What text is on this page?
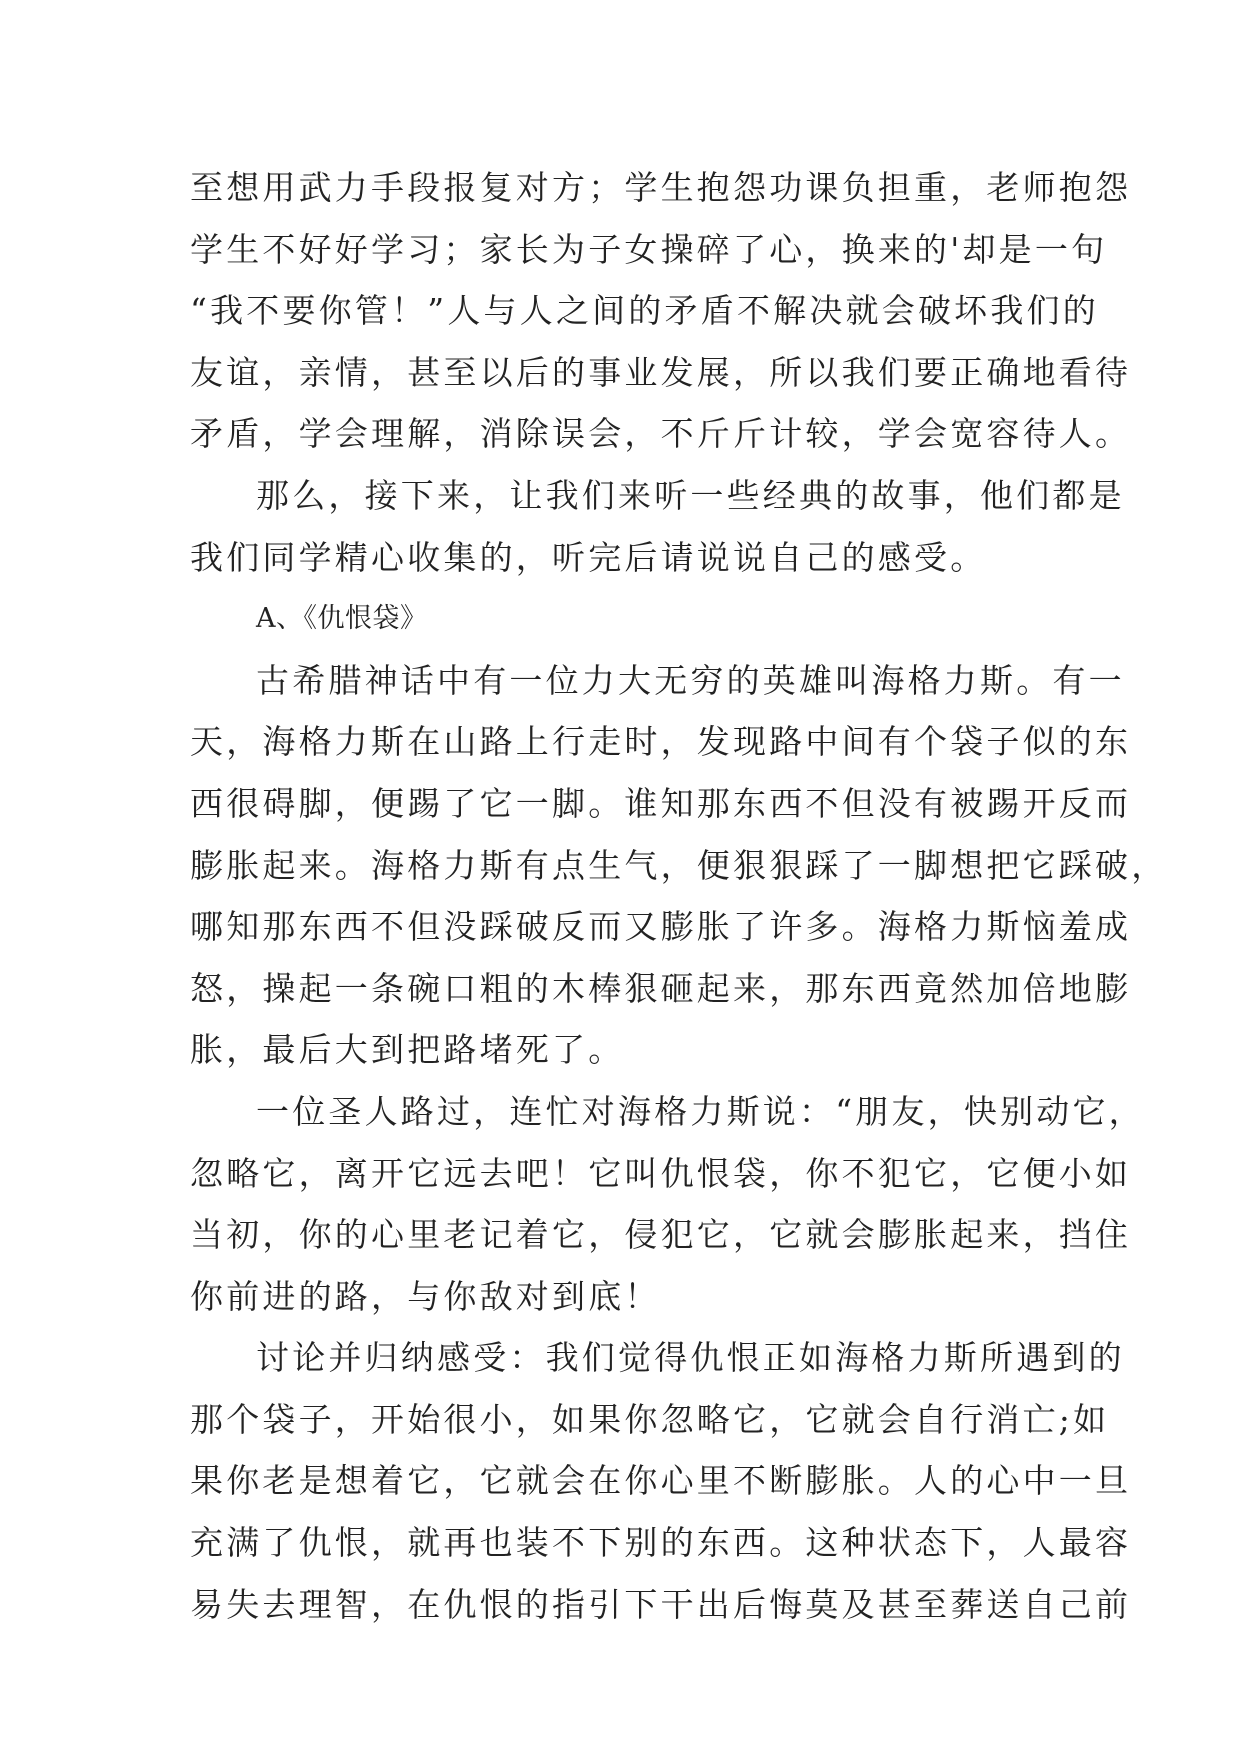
至想用武力手段报复对方；学生抱怨功课负担重，老师抱怨
学生不好好学习；家长为子女操碎了心，换来的'却是一句
“我不要你管！”人与人之间的矛盾不解决就会破坏我们的
友谊，亲情，甚至以后的事业发展，所以我们要正确地看待
矛盾，学会理解，消除误会，不斤斤计较，学会宽容待人。
那么，接下来，让我们来听一些经典的故事，他们都是
我们同学精心收集的，听完后请说说自己的感受。
A、《仇恨袋》
古希腊神话中有一位力大无穷的英雄叫海格力斯。有一
天，海格力斯在山路上行走时，发现路中间有个袋子似的东
西很碍脚，便踢了它一脚。谁知那东西不但没有被踢开反而
膨胀起来。海格力斯有点生气，便狠狠踩了一脚想把它踩破，
哪知那东西不但没踩破反而又膨胀了许多。海格力斯恼羞成
怒，操起一条碗口粗的木棒狠砸起来，那东西竟然加倍地膨
胀，最后大到把路堵死了。
一位圣人路过，连忙对海格力斯说：“朋友，快别动它，
忽略它，离开它远去吧！它叫仇恨袋，你不犯它，它便小如
当初，你的心里老记着它，侵犯它，它就会膨胀起来，挡住
你前进的路，与你敌对到底！
讨论并归纳感受：我们觉得仇恨正如海格力斯所遇到的
那个袋子，开始很小，如果你忽略它，它就会自行消亡;如
果你老是想着它，它就会在你心里不断膨胀。人的心中一旦
充满了仇恨，就再也装不下别的东西。这种状态下，人最容
易失去理智，在仇恨的指引下干出后悔莫及甚至葬送自己前
